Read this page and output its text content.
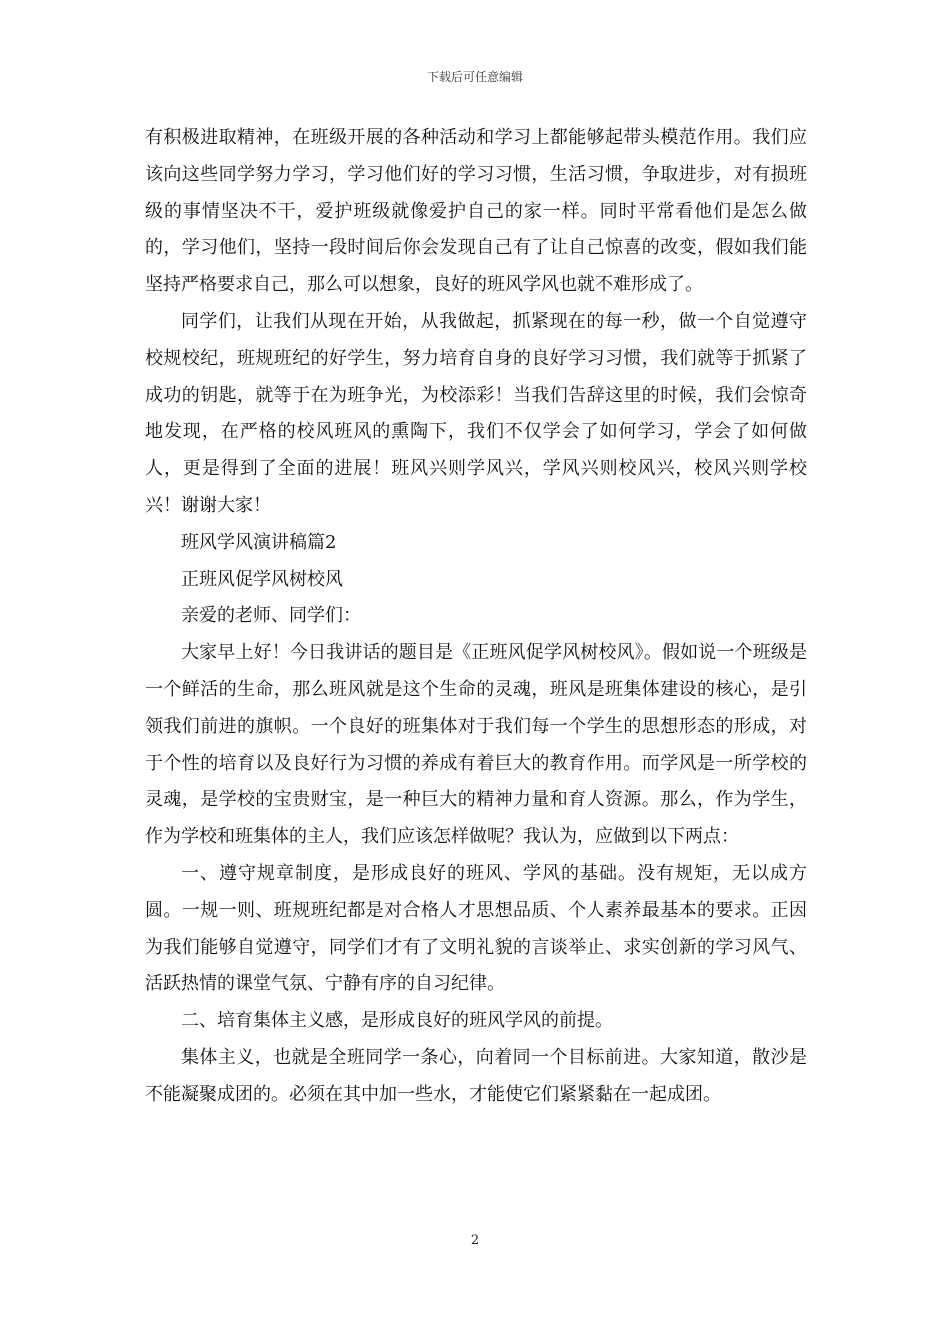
下载后可任意编辑

有积极进取精神，在班级开展的各种活动和学习上都能够起带头模范作用。我们应该向这些同学努力学习，学习他们好的学习习惯，生活习惯，争取进步，对有损班级的事情坚决不干，爱护班级就像爱护自己的家一样。同时平常看他们是怎么做的，学习他们，坚持一段时间后你会发现自己有了让自己惊喜的改变，假如我们能坚持严格要求自己，那么可以想象，良好的班风学风也就不难形成了。

同学们，让我们从现在开始，从我做起，抓紧现在的每一秒，做一个自觉遵守校规校纪，班规班纪的好学生，努力培育自身的良好学习习惯，我们就等于抓紧了成功的钥匙，就等于在为班争光，为校添彩！当我们告辞这里的时候，我们会惊奇地发现，在严格的校风班风的熏陶下，我们不仅学会了如何学习，学会了如何做人，更是得到了全面的进展！班风兴则学风兴，学风兴则校风兴，校风兴则学校兴！谢谢大家！

班风学风演讲稿篇2

正班风促学风树校风

亲爱的老师、同学们：

大家早上好！今日我讲话的题目是《正班风促学风树校风》。假如说一个班级是一个鲜活的生命，那么班风就是这个生命的灵魂，班风是班集体建设的核心，是引领我们前进的旗帜。一个良好的班集体对于我们每一个学生的思想形态的形成，对于个性的培育以及良好行为习惯的养成有着巨大的教育作用。而学风是一所学校的灵魂，是学校的宝贵财宝，是一种巨大的精神力量和育人资源。那么，作为学生，作为学校和班集体的主人，我们应该怎样做呢？我认为，应做到以下两点：

一、遵守规章制度，是形成良好的班风、学风的基础。没有规矩，无以成方圆。一规一则、班规班纪都是对合格人才思想品质、个人素养最基本的要求。正因为我们能够自觉遵守，同学们才有了文明礼貌的言谈举止、求实创新的学习风气、活跃热情的课堂气氛、宁静有序的自习纪律。

二、培育集体主义感，是形成良好的班风学风的前提。

集体主义，也就是全班同学一条心，向着同一个目标前进。大家知道，散沙是不能凝聚成团的。必须在其中加一些水，才能使它们紧紧黏在一起成团。

2
